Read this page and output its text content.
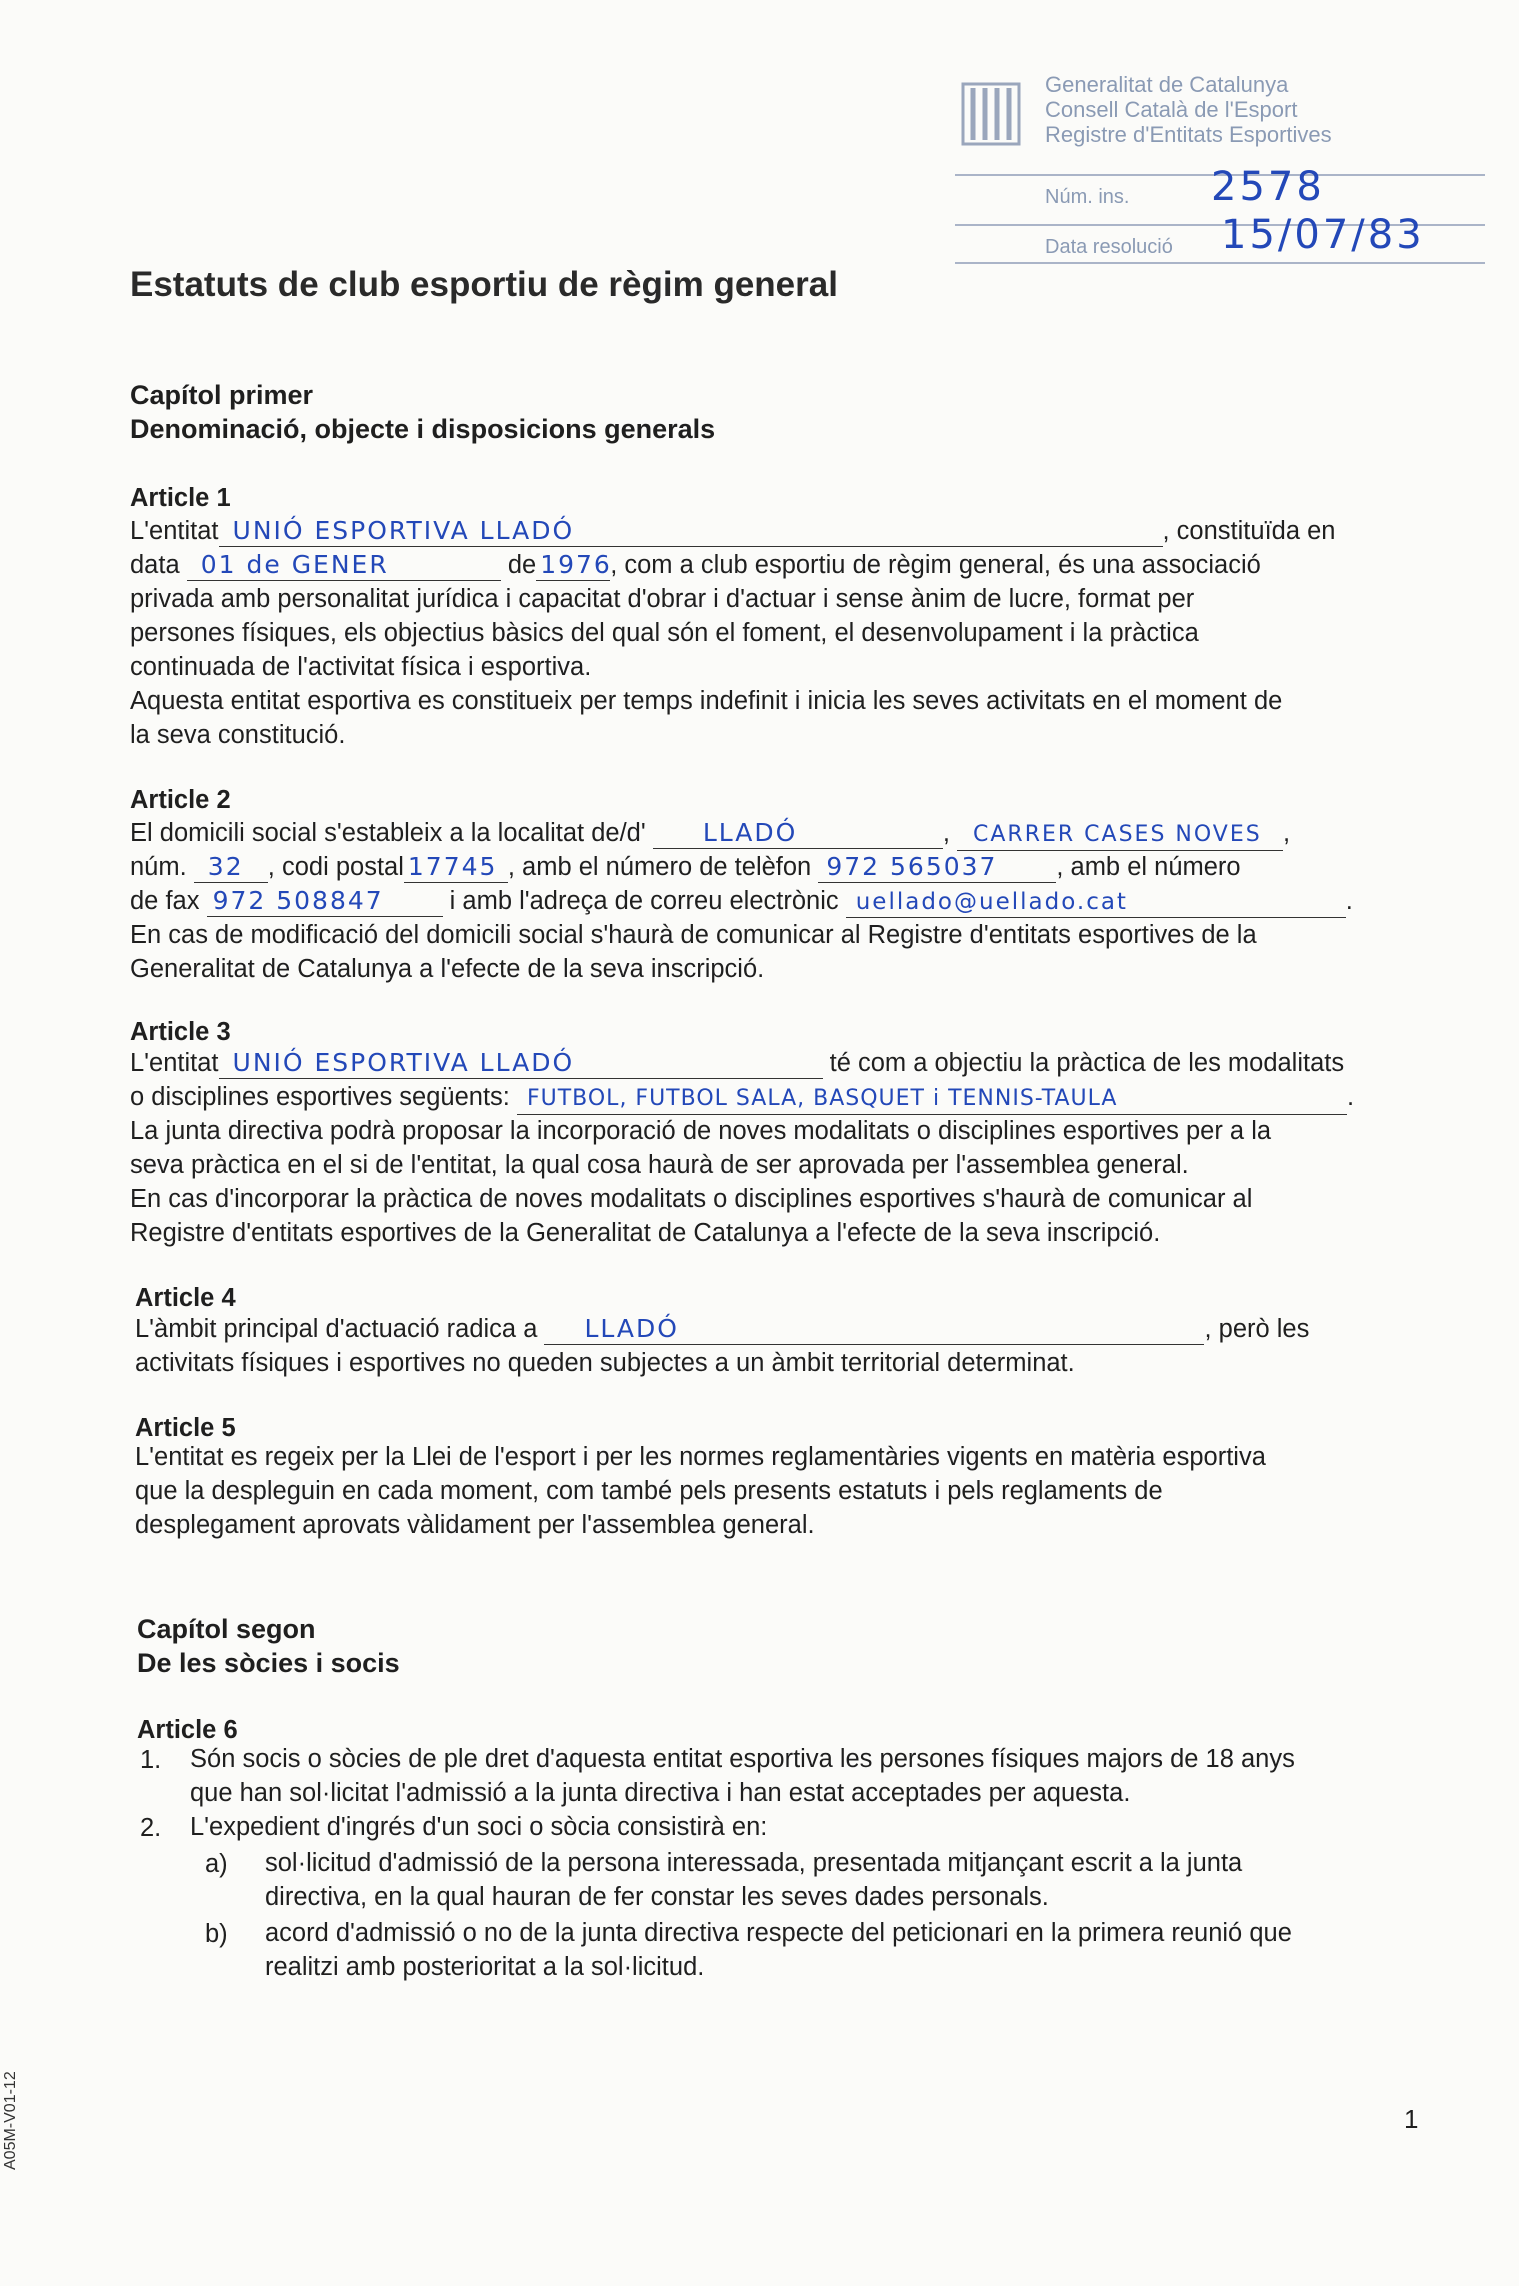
Generalitat de Catalunya
Consell Català de l'Esport
Registre d'Entitats Esportives
Núm. ins. 2578
Data resolució 15/07/83
Estatuts de club esportiu de règim general
Capítol primer
Denominació, objecte i disposicions generals
Article 1
L'entitat UNIÓ ESPORTIVA LLADÓ	, constituïda en
data 01 de GENER	de 1976, com a club esportiu de règim general, és una associació
privada amb personalitat jurídica i capacitat d'obrar i d'actuar i sense ànim de lucre, format per
persones físiques, els objectius bàsics del qual són el foment, el desenvolupament i la pràctica
continuada de l'activitat física i esportiva.
Aquesta entitat esportiva es constitueix per temps indefinit i inicia les seves activitats en el moment de
la seva constitució.
Article 2
El domicili social s'estableix a la localitat de/d' LLADÓ	, CARRER CASES NOVES ,
núm. 32 , codi postal 17745 , amb el número de telèfon 972 565037 , amb el número
de fax 972 508847	i amb l'adreça de correu electrònic uellado@uellado.cat	.
En cas de modificació del domicili social s'haurà de comunicar al Registre d'entitats esportives de la
Generalitat de Catalunya a l'efecte de la seva inscripció.
Article 3
L'entitat UNIÓ ESPORTIVA LLADÓ	té com a objectiu la pràctica de les modalitats
o disciplines esportives següents: FUTBOL, FUTBOL SALA, BASQUET i TENNIS-TAULA	.
La junta directiva podrà proposar la incorporació de noves modalitats o disciplines esportives per a la
seva pràctica en el si de l'entitat, la qual cosa haurà de ser aprovada per l'assemblea general.
En cas d'incorporar la pràctica de noves modalitats o disciplines esportives s'haurà de comunicar al
Registre d'entitats esportives de la Generalitat de Catalunya a l'efecte de la seva inscripció.
Article 4
L'àmbit principal d'actuació radica a LLADÓ	, però les
activitats físiques i esportives no queden subjectes a un àmbit territorial determinat.
Article 5
L'entitat es regeix per la Llei de l'esport i per les normes reglamentàries vigents en matèria esportiva
que la despleguin en cada moment, com també pels presents estatuts i pels reglaments de
desplegament aprovats vàlidament per l'assemblea general.
Capítol segon
De les sòcies i socis
Article 6
1. Són socis o sòcies de ple dret d'aquesta entitat esportiva les persones físiques majors de 18 anys
que han sol·licitat l'admissió a la junta directiva i han estat acceptades per aquesta.
2. L'expedient d'ingrés d'un soci o sòcia consistirà en:
a) sol·licitud d'admissió de la persona interessada, presentada mitjançant escrit a la junta
directiva, en la qual hauran de fer constar les seves dades personals.
b) acord d'admissió o no de la junta directiva respecte del peticionari en la primera reunió que
realitzi amb posterioritat a la sol·licitud.
1
A05M-V01-12
